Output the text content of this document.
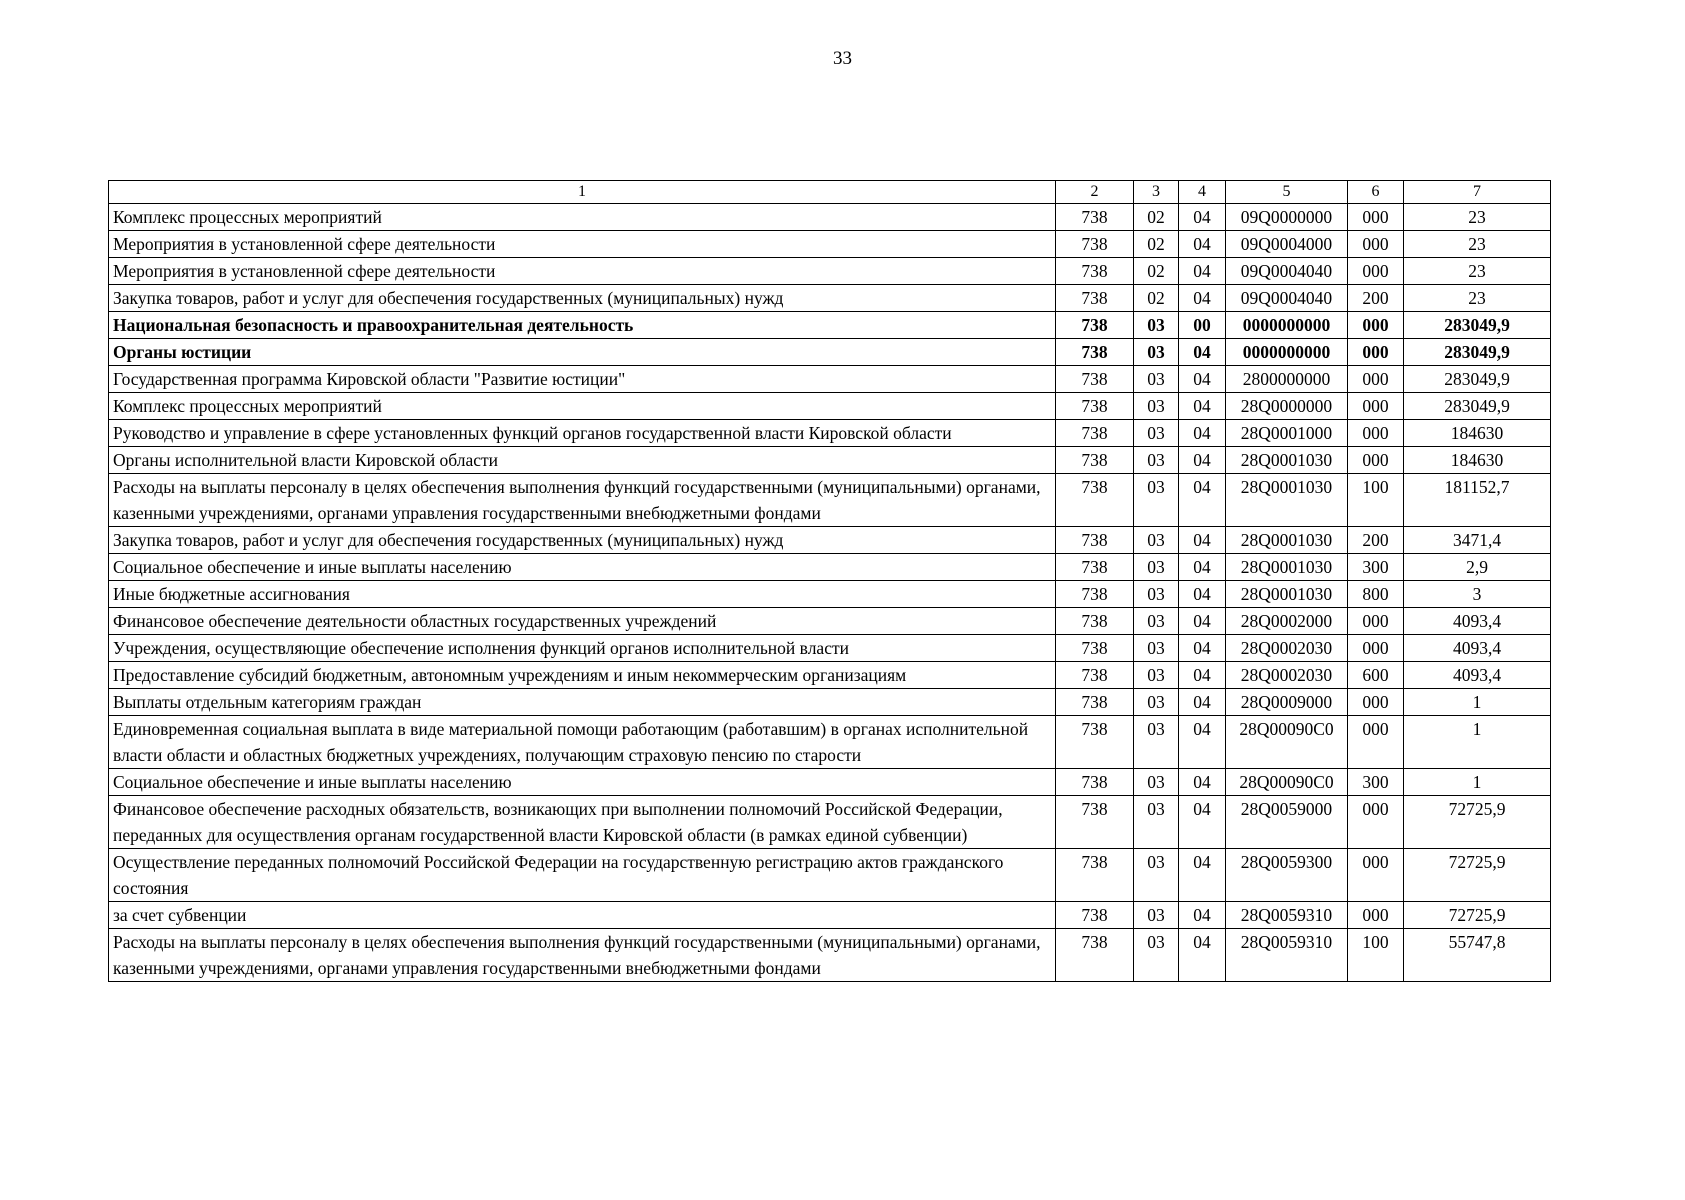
33
1	2	3	4	5	6	7
Комплекс процессных мероприятий	738	02	04	09Q0000000	000	23
Мероприятия в установленной сфере деятельности	738	02	04	09Q0004000	000	23
Мероприятия в установленной сфере деятельности	738	02	04	09Q0004040	000	23
Закупка товаров, работ и услуг для обеспечения государственных (муниципальных) нужд	738	02	04	09Q0004040	200	23
Национальная безопасность и правоохранительная деятельность	738	03	00	0000000000	000	283049,9
Органы юстиции	738	03	04	0000000000	000	283049,9
Государственная программа Кировской области "Развитие юстиции"	738	03	04	2800000000	000	283049,9
Комплекс процессных мероприятий	738	03	04	28Q0000000	000	283049,9
Руководство и управление в сфере установленных функций органов государственной власти Кировской области	738	03	04	28Q0001000	000	184630
Органы исполнительной власти Кировской области	738	03	04	28Q0001030	000	184630
Расходы на выплаты персоналу в целях обеспечения выполнения функций государственными (муниципальными) органами, казенными учреждениями, органами управления государственными внебюджетными фондами	738	03	04	28Q0001030	100	181152,7
Закупка товаров, работ и услуг для обеспечения государственных (муниципальных) нужд	738	03	04	28Q0001030	200	3471,4
Социальное обеспечение и иные выплаты населению	738	03	04	28Q0001030	300	2,9
Иные бюджетные ассигнования	738	03	04	28Q0001030	800	3
Финансовое обеспечение деятельности областных государственных учреждений	738	03	04	28Q0002000	000	4093,4
Учреждения, осуществляющие обеспечение исполнения функций органов исполнительной власти	738	03	04	28Q0002030	000	4093,4
Предоставление субсидий бюджетным, автономным учреждениям и иным некоммерческим организациям	738	03	04	28Q0002030	600	4093,4
Выплаты отдельным категориям граждан	738	03	04	28Q0009000	000	1
Единовременная социальная выплата в виде материальной помощи работающим (работавшим) в органах исполнительной власти области и областных бюджетных учреждениях, получающим страховую пенсию по старости	738	03	04	28Q00090C0	000	1
Социальное обеспечение и иные выплаты населению	738	03	04	28Q00090C0	300	1
Финансовое обеспечение расходных обязательств, возникающих при выполнении полномочий Российской Федерации, переданных для осуществления органам государственной власти Кировской области (в рамках единой субвенции)	738	03	04	28Q0059000	000	72725,9
Осуществление переданных полномочий Российской Федерации на государственную регистрацию актов гражданского состояния	738	03	04	28Q0059300	000	72725,9
за счет субвенции	738	03	04	28Q0059310	000	72725,9
Расходы на выплаты персоналу в целях обеспечения выполнения функций государственными (муниципальными) органами, казенными учреждениями, органами управления государственными внебюджетными фондами	738	03	04	28Q0059310	100	55747,8
